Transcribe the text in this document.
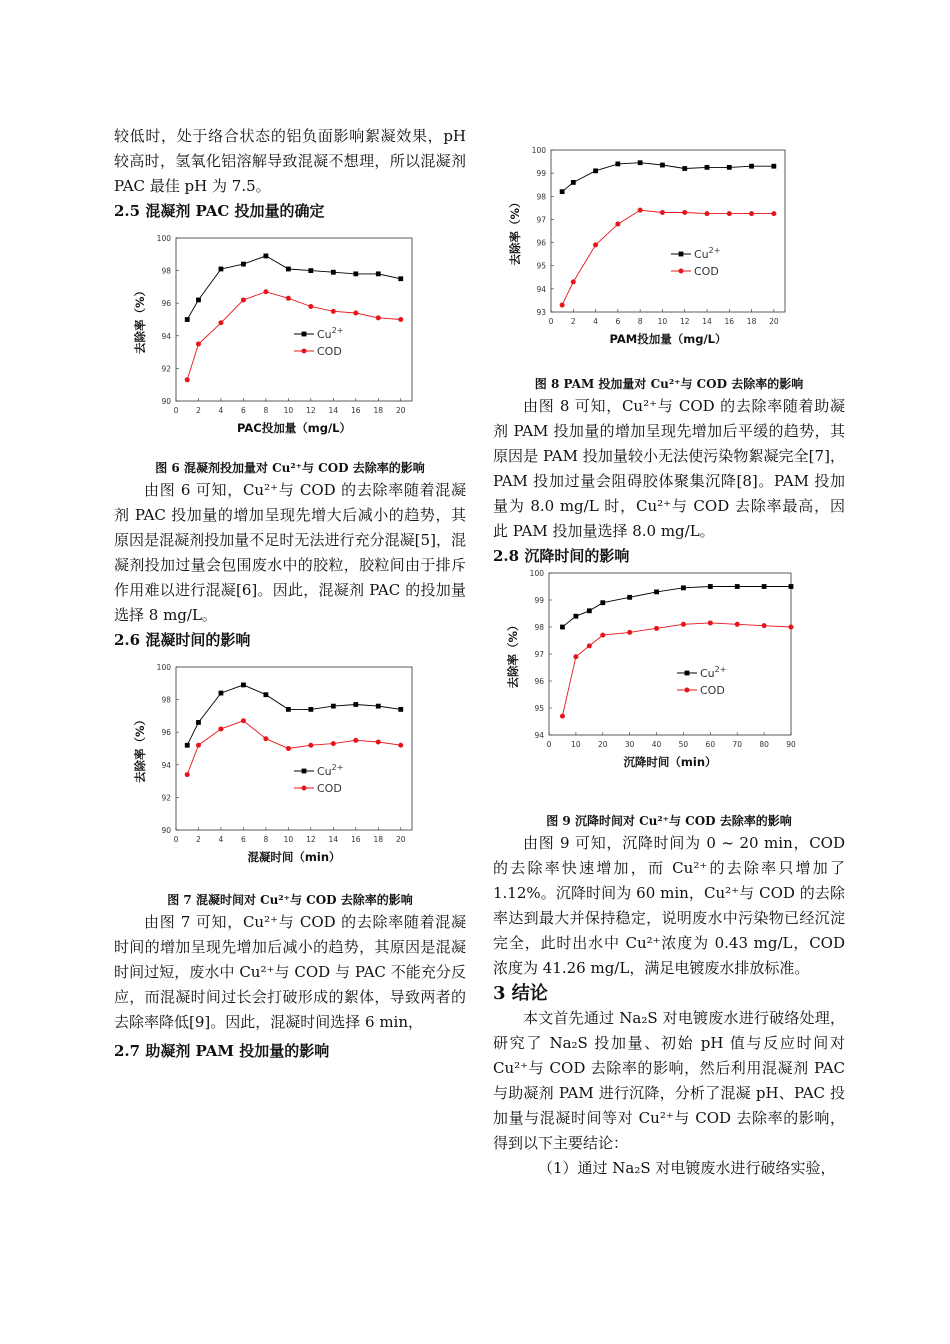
较低时，处于络合状态的铝负面影响絮凝效果，pH 较高时，氢氧化铝溶解导致混凝不想理，所以混凝剂 PAC 最佳 pH 为 7.5。

2.5 混凝剂 PAC 投加量的确定
0 2 4 6 8 10 12 14 16 18 20
90
92
94
96
98
100
PAC投加量（mg/L）
去除率（%）	$Cu^{2+}$
COD
图 6 混凝剂投加量对 Cu²⁺与 COD 去除率的影响

由图 6 可知，Cu²⁺与 COD 的去除率随着混凝剂 PAC 投加量的增加呈现先增大后减小的趋势，其原因是混凝剂投加量不足时无法进行充分混凝[5]，混凝剂投加过量会包围废水中的胶粒，胶粒间由于排斥作用难以进行混凝[6]。因此，混凝剂 PAC 的投加量选择 8 mg/L。

2.6 混凝时间的影响
0 2 4 6 8 10 12 14 16 18 20
90
92
94
96
98
100
混凝时间（min）
去除率（%）	$Cu^{2+}$
COD
图 7 混凝时间对 Cu²⁺与 COD 去除率的影响

由图 7 可知，Cu²⁺与 COD 的去除率随着混凝时间的增加呈现先增加后减小的趋势，其原因是混凝时间过短，废水中 Cu²⁺与 COD 与 PAC 不能充分反应，而混凝时间过长会打破形成的絮体，导致两者的去除率降低[9]。因此，混凝时间选择 6 min，

2.7 助凝剂 PAM 投加量的影响
0 2 4 6 8 10 12 14 16 18 20
93
94
95
96
97
98
99
100
PAM投加量（mg/L）
去除率（%）	$Cu^{2+}$
COD
图 8 PAM 投加量对 Cu²⁺与 COD 去除率的影响

由图 8 可知，Cu²⁺与 COD 的去除率随着助凝剂 PAM 投加量的增加呈现先增加后平缓的趋势，其原因是 PAM 投加量较小无法使污染物絮凝完全[7]，PAM 投加过量会阻碍胶体聚集沉降[8]。PAM 投加量为 8.0 mg/L 时，Cu²⁺与 COD 去除率最高，因此 PAM 投加量选择 8.0 mg/L。

2.8 沉降时间的影响
0	10 20 30 40 50 60 70 80 90
94
95
96
97
98
99
100
沉降时间（min）
去除率（%）	$Cu^{2+}$
COD
图 9 沉降时间对 Cu²⁺与 COD 去除率的影响

由图 9 可知，沉降时间为 0 ~ 20 min，COD 的去除率快速增加，而 Cu²⁺的去除率只增加了 1.12%。沉降时间为 60 min，Cu²⁺与 COD 的去除率达到最大并保持稳定，说明废水中污染物已经沉淀完全，此时出水中 Cu²⁺浓度为 0.43 mg/L，COD 浓度为 41.26 mg/L，满足电镀废水排放标准。

3 结论

本文首先通过 Na₂S 对电镀废水进行破络处理，研究了 Na₂S 投加量、初始 pH 值与反应时间对 Cu²⁺与 COD 去除率的影响，然后利用混凝剂 PAC 与助凝剂 PAM 进行沉降，分析了混凝 pH、PAC 投加量与混凝时间等对 Cu²⁺与 COD 去除率的影响，得到以下主要结论：

（1）通过 Na₂S 对电镀废水进行破络实验，
